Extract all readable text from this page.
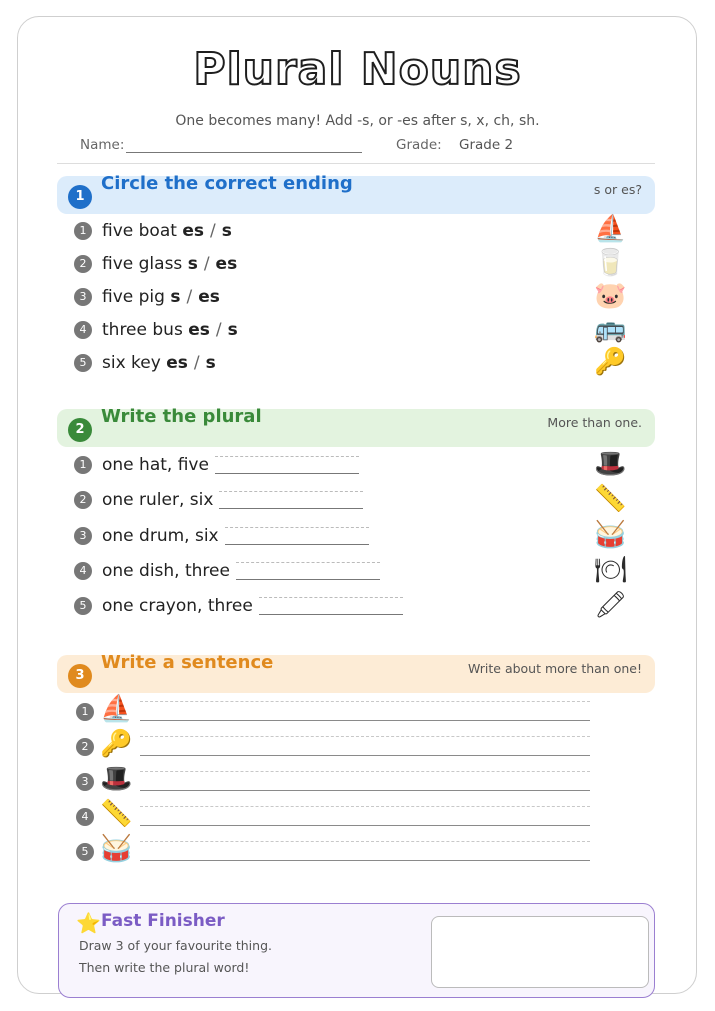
Plural Nouns
One becomes many! Add -s, or -es after s, x, ch, sh.
Name:	Grade: Grade 2
1
Circle the correct ending	s or es?
1 five boat es / s	⛵
2 five glass s / es	🥛
3 five pig s / es	🐷
4 three bus es / s	🚌
5 six key es / s	🔑
2
Write the plural	More than one.
1 one hat, five	🎩
2 one ruler, six	📏
3 one drum, six	🥁
4 one dish, three	🍽
5 one crayon, three	🖍
3
Write a sentence	Write about more than one!
1 ⛵
2 🔑
3 🎩
4 📏
5 🥁
⭐ Fast Finisher
Draw 3 of your favourite thing.
Then write the plural word!
